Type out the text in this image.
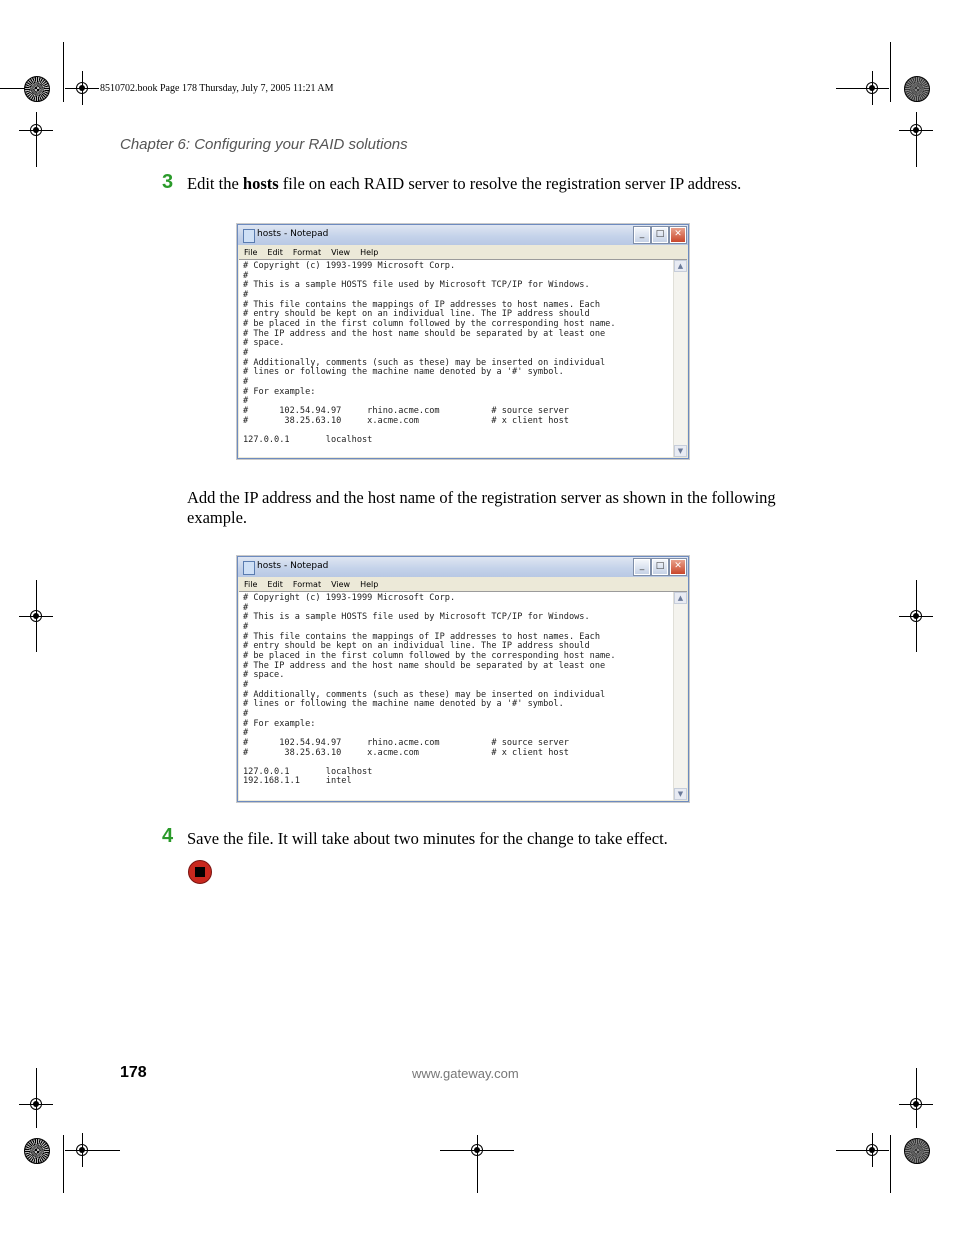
8510702.book Page 178 Thursday, July 7, 2005 11:21 AM
Chapter 6: Configuring your RAID solutions
3 Edit the hosts file on each RAID server to resolve the registration server IP address.
hosts - Notepad	_	□	✕
File Edit Format View Help
# Copyright (c) 1993-1999 Microsoft Corp.
#
# This is a sample HOSTS file used by Microsoft TCP/IP for Windows.
#
# This file contains the mappings of IP addresses to host names. Each
# entry should be kept on an individual line. The IP address should
# be placed in the first column followed by the corresponding host name.
# The IP address and the host name should be separated by at least one
# space.
#
# Additionally, comments (such as these) may be inserted on individual
# lines or following the machine name denoted by a '#' symbol.
#
# For example:
#
#      102.54.94.97     rhino.acme.com          # source server
#       38.25.63.10     x.acme.com              # x client host

127.0.0.1       localhost
▲
▼
Add the IP address and the host name of the registration server as shown in the following example.
hosts - Notepad	_	□	✕
File Edit Format View Help
# Copyright (c) 1993-1999 Microsoft Corp.
#
# This is a sample HOSTS file used by Microsoft TCP/IP for Windows.
#
# This file contains the mappings of IP addresses to host names. Each
# entry should be kept on an individual line. The IP address should
# be placed in the first column followed by the corresponding host name.
# The IP address and the host name should be separated by at least one
# space.
#
# Additionally, comments (such as these) may be inserted on individual
# lines or following the machine name denoted by a '#' symbol.
#
# For example:
#
#      102.54.94.97     rhino.acme.com          # source server
#       38.25.63.10     x.acme.com              # x client host

127.0.0.1       localhost
192.168.1.1     intel
▲
▼
4 Save the file. It will take about two minutes for the change to take effect.
178	www.gateway.com
